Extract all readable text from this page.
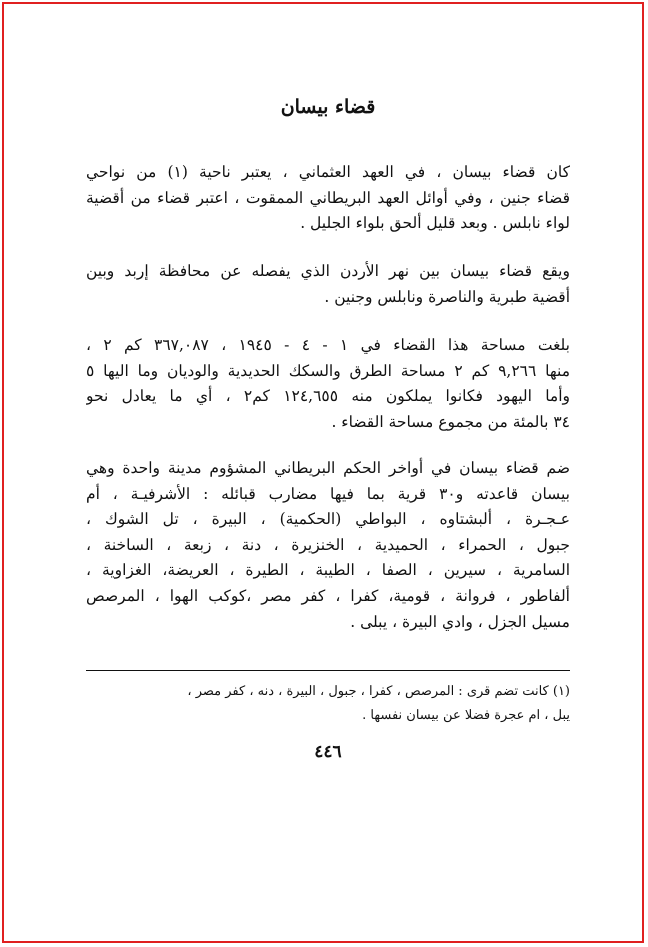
قضاء بيسان
كان قضاء بيسان ، في العهد العثماني ، يعتبر ناحية (١) من نواحي
قضاء جنين ، وفي أوائل العهد البريطاني الممقوت ، اعتبر قضاء من أقضية
لواء نابلس . وبعد قليل ألحق بلواء الجليل .
ويقع قضاء بيسان بين نهر الأردن الذي يفصله عن محافظة إربد وبين
أقضية طبرية والناصرة ونابلس وجنين .
بلغت مساحة هذا القضاء في ١ - ٤ - ١٩٤٥ ، ٣٦٧,٠٨٧ كم ٢ ،
منها ٩,٢٦٦ كم ٢ مساحة الطرق والسكك الحديدية والوديان وما اليها ٥
وأما اليهود فكانوا يملكون منه ١٢٤,٦٥٥ كم٢ ، أي ما يعادل نحو
٣٤ بالمئة من مجموع مساحة القضاء .
ضم قضاء بيسان في أواخر الحكم البريطاني المشؤوم مدينة واحدة وهي
بيسان قاعدته و٣٠ قرية بما فيها مضارب قبائله : الأشرفيـة ، أم
عـجـرة ، ألبشتاوه ، البواطي (الحكمية) ، البيرة ، تل الشوك ،
جبول ، الحمراء ، الحميدية ، الخنزيرة ، دنة ، زبعة ، الساخنة ،
السامرية ، سيرين ، الصفا ، الطيبة ، الطيرة ، العريضة، الغزاوية ،
ألفاطور ، فروانة ، قومية، كفرا ، كفر مصر ،كوكب الهوا ، المرصص
مسيل الجزل ، وادي البيرة ، يبلى .
(١) كانت تضم قرى : المرصص ، كفرا ، جبول ، البيرة ، دنه ، كفر مصر ،
يبل ، ام عجرة فضلا عن بيسان نفسها .
٤٤٦
